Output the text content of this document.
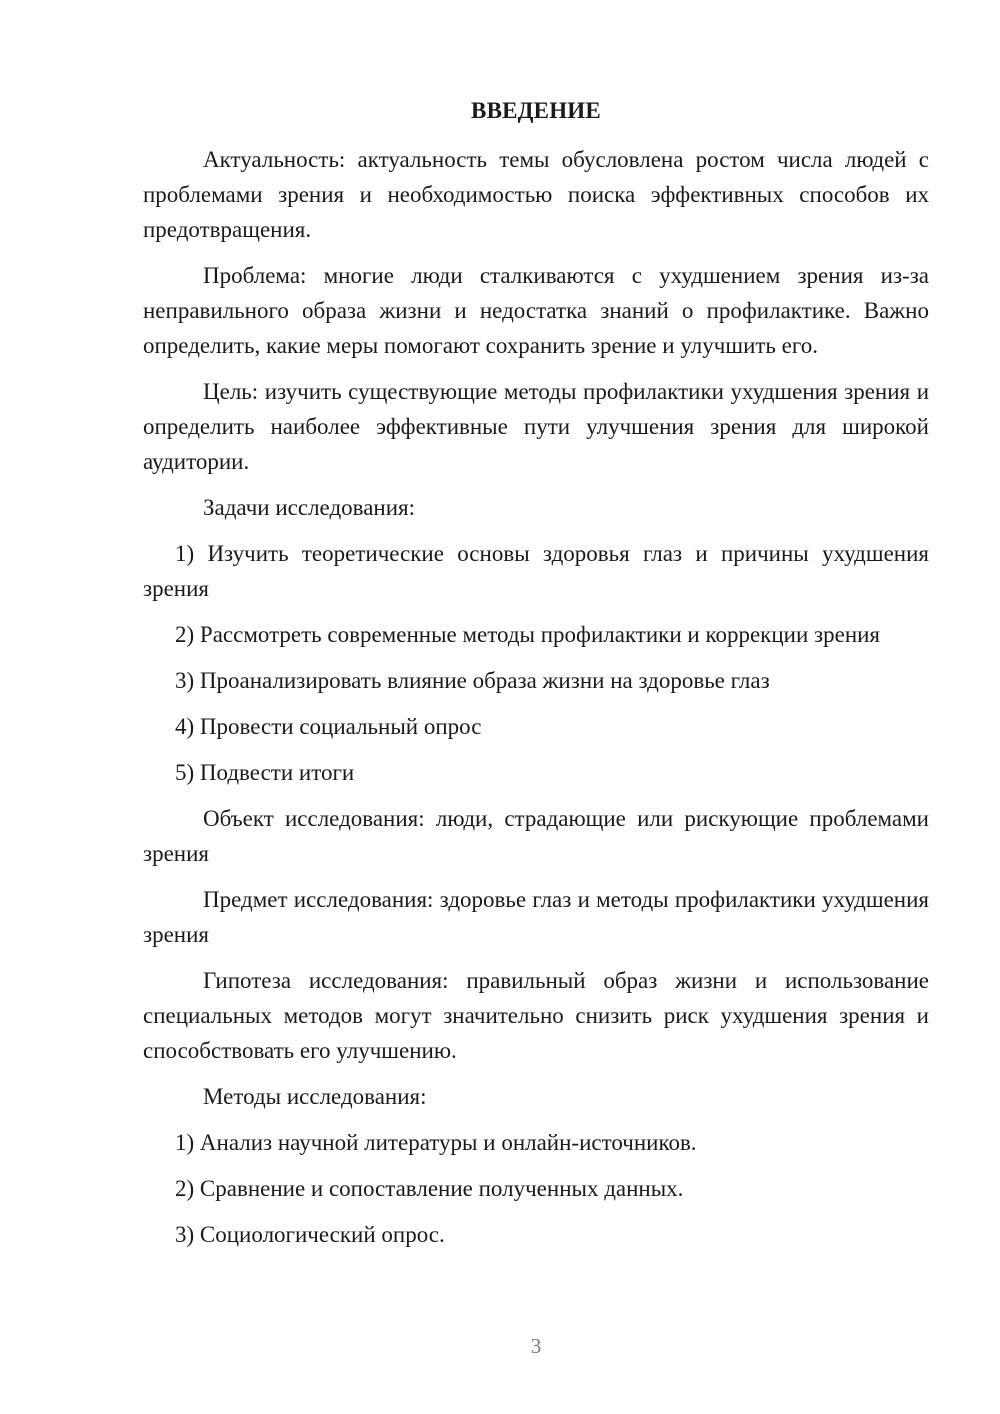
ВВЕДЕНИЕ

Актуальность: актуальность темы обусловлена ростом числа людей с проблемами зрения и необходимостью поиска эффективных способов их предотвращения.

Проблема: многие люди сталкиваются с ухудшением зрения из-за неправильного образа жизни и недостатка знаний о профилактике. Важно определить, какие меры помогают сохранить зрение и улучшить его.

Цель: изучить существующие методы профилактики ухудшения зрения и определить наиболее эффективные пути улучшения зрения для широкой аудитории.

Задачи исследования:

1) Изучить теоретические основы здоровья глаз и причины ухудшения зрения

2) Рассмотреть современные методы профилактики и коррекции зрения

3) Проанализировать влияние образа жизни на здоровье глаз

4) Провести социальный опрос

5) Подвести итоги

Объект исследования: люди, страдающие или рискующие проблемами зрения

Предмет исследования: здоровье глаз и методы профилактики ухудшения зрения

Гипотеза исследования: правильный образ жизни и использование специальных методов могут значительно снизить риск ухудшения зрения и способствовать его улучшению.

Методы исследования:

1) Анализ научной литературы и онлайн-источников.

2) Сравнение и сопоставление полученных данных.

3) Социологический опрос.

3
